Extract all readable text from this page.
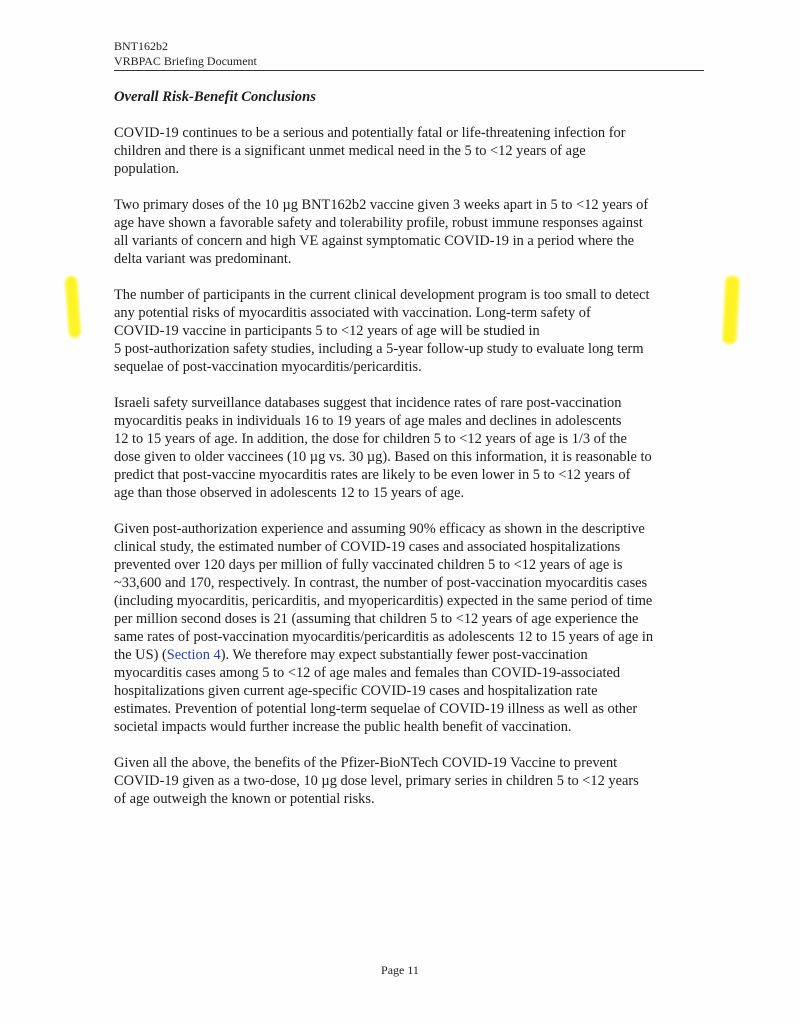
BNT162b2
VRBPAC Briefing Document
Overall Risk-Benefit Conclusions
COVID-19 continues to be a serious and potentially fatal or life-threatening infection for
children and there is a significant unmet medical need in the 5 to <12 years of age
population.
Two primary doses of the 10 µg BNT162b2 vaccine given 3 weeks apart in 5 to <12 years of
age have shown a favorable safety and tolerability profile, robust immune responses against
all variants of concern and high VE against symptomatic COVID-19 in a period where the
delta variant was predominant.
The number of participants in the current clinical development program is too small to detect
any potential risks of myocarditis associated with vaccination. Long-term safety of
COVID-19 vaccine in participants 5 to <12 years of age will be studied in
5 post-authorization safety studies, including a 5-year follow-up study to evaluate long term
sequelae of post-vaccination myocarditis/pericarditis.
Israeli safety surveillance databases suggest that incidence rates of rare post-vaccination
myocarditis peaks in individuals 16 to 19 years of age males and declines in adolescents
12 to 15 years of age. In addition, the dose for children 5 to <12 years of age is 1/3 of the
dose given to older vaccinees (10 µg vs. 30 µg). Based on this information, it is reasonable to
predict that post-vaccine myocarditis rates are likely to be even lower in 5 to <12 years of
age than those observed in adolescents 12 to 15 years of age.
Given post-authorization experience and assuming 90% efficacy as shown in the descriptive
clinical study, the estimated number of COVID-19 cases and associated hospitalizations
prevented over 120 days per million of fully vaccinated children 5 to <12 years of age is
~33,600 and 170, respectively. In contrast, the number of post-vaccination myocarditis cases
(including myocarditis, pericarditis, and myopericarditis) expected in the same period of time
per million second doses is 21 (assuming that children 5 to <12 years of age experience the
same rates of post-vaccination myocarditis/pericarditis as adolescents 12 to 15 years of age in
the US) (Section 4). We therefore may expect substantially fewer post-vaccination
myocarditis cases among 5 to <12 of age males and females than COVID-19-associated
hospitalizations given current age-specific COVID-19 cases and hospitalization rate
estimates. Prevention of potential long-term sequelae of COVID-19 illness as well as other
societal impacts would further increase the public health benefit of vaccination.
Given all the above, the benefits of the Pfizer-BioNTech COVID-19 Vaccine to prevent
COVID-19 given as a two-dose, 10 µg dose level, primary series in children 5 to <12 years
of age outweigh the known or potential risks.
Page 11
